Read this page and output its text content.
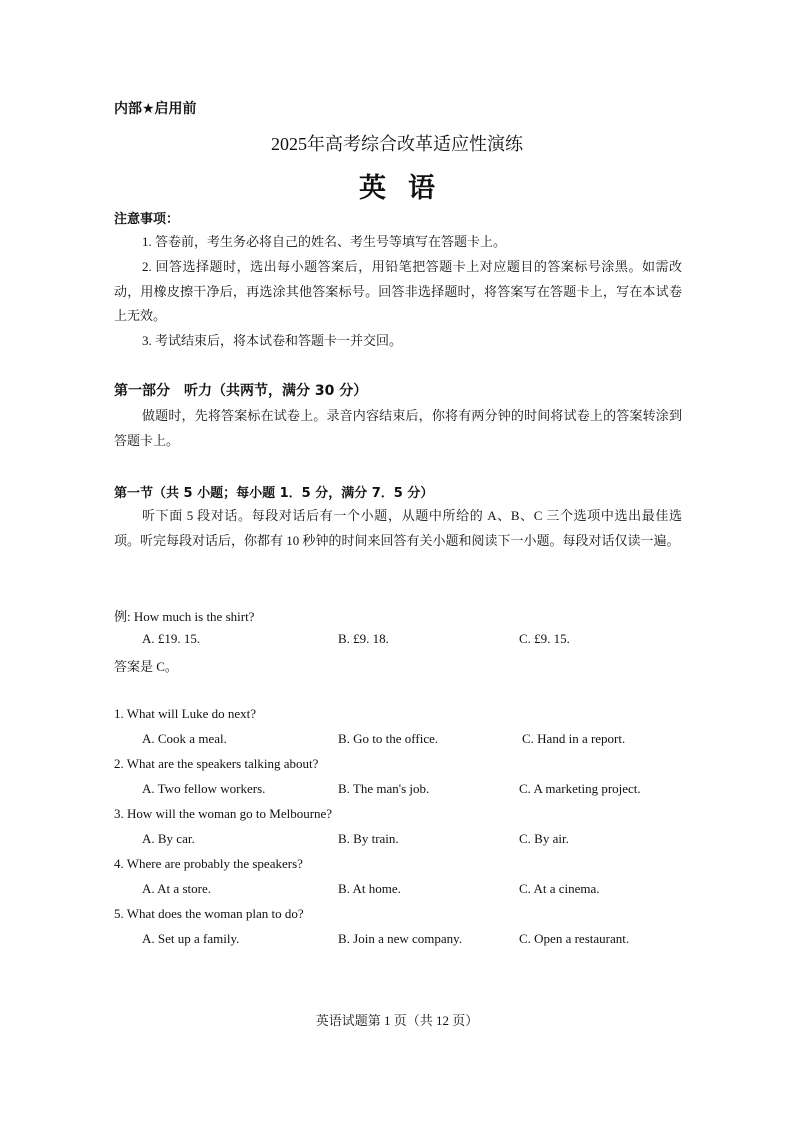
内部★启用前
2025年高考综合改革适应性演练
英语
注意事项：
1. 答卷前，考生务必将自己的姓名、考生号等填写在答题卡上。
2. 回答选择题时，选出每小题答案后，用铅笔把答题卡上对应题目的答案标号涂黑。如需改动，用橡皮擦干净后，再选涂其他答案标号。回答非选择题时，将答案写在答题卡上，写在本试卷上无效。
3. 考试结束后，将本试卷和答题卡一并交回。
第一部分　听力（共两节，满分 30 分）
做题时，先将答案标在试卷上。录音内容结束后，你将有两分钟的时间将试卷上的答案转涂到答题卡上。
第一节（共 5 小题；每小题 1．5 分，满分 7．5 分）
听下面 5 段对话。每段对话后有一个小题，从题中所给的 A、B、C 三个选项中选出最佳选项。听完每段对话后，你都有 10 秒钟的时间来回答有关小题和阅读下一小题。每段对话仅读一遍。
例: How much is the shirt?
A. £19. 15.	B. £9. 18.	C. £9. 15.
答案是 C。
1. What will Luke do next?
A. Cook a meal.	B. Go to the office.	C. Hand in a report.
2. What are the speakers talking about?
A. Two fellow workers.	B. The man's job.	C. A marketing project.
3. How will the woman go to Melbourne?
A. By car.	B. By train.	C. By air.
4. Where are probably the speakers?
A. At a store.	B. At home.	C. At a cinema.
5. What does the woman plan to do?
A. Set up a family.	B. Join a new company.	C. Open a restaurant.
英语试题第 1 页（共 12 页）
